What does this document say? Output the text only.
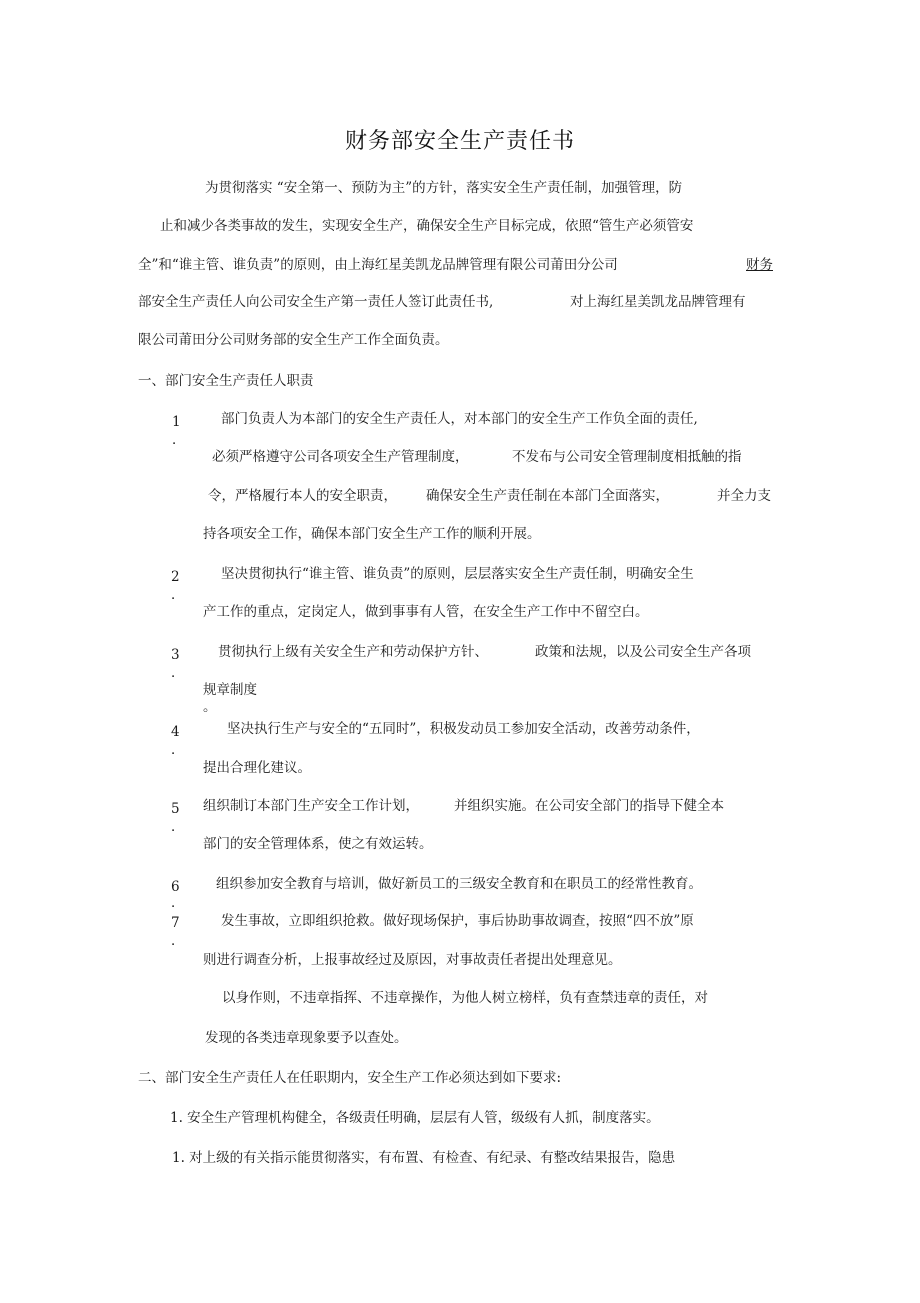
财务部安全生产责任书
为贯彻落实 “安全第一、预防为主”的方针，落实安全生产责任制，加强管理，防
止和减少各类事故的发生，实现安全生产，确保安全生产目标完成，依照“管生产必须管安
全”和“谁主管、谁负责”的原则，由上海红星美凯龙品牌管理有限公司莆田分公司	财务
部安全生产责任人向公司安全生产第一责任人签订此责任书,	对上海红星美凯龙品牌管理有
限公司莆田分公司财务部的安全生产工作全面负责。
一、部门安全生产责任人职责
1
．
部门负责人为本部门的安全生产责任人，对本部门的安全生产工作负全面的责任,
必须严格遵守公司各项安全生产管理制度，	不发布与公司安全管理制度相抵触的指
令，严格履行本人的安全职责， 确保安全生产责任制在本部门全面落实，	并全力支
持各项安全工作，确保本部门安全生产工作的顺利开展。
2
．
坚决贯彻执行“谁主管、谁负责”的原则，层层落实安全生产责任制，明确安全生
产工作的重点，定岗定人，做到事事有人管，在安全生产工作中不留空白。
3
．
贯彻执行上级有关安全生产和劳动保护方针、	政策和法规，以及公司安全生产各项
规章制度
。
4
．
坚决执行生产与安全的“五同时”，积极发动员工参加安全活动，改善劳动条件，
提出合理化建议。
5
．
组织制订本部门生产安全工作计划，	并组织实施。在公司安全部门的指导下健全本
部门的安全管理体系，使之有效运转。
6
．
组织参加安全教育与培训，做好新员工的三级安全教育和在职员工的经常性教育。
7
．
发生事故，立即组织抢救。做好现场保护，事后协助事故调查，按照“四不放”原
则进行调查分析，上报事故经过及原因，对事故责任者提出处理意见。
以身作则，不违章指挥、不违章操作，为他人树立榜样，负有查禁违章的责任，对
发现的各类违章现象要予以查处。
二、部门安全生产责任人在任职期内，安全生产工作必须达到如下要求:
1. 安全生产管理机构健全，各级责任明确，层层有人管，级级有人抓，制度落实。
1. 对上级的有关指示能贯彻落实，有布置、有检查、有纪录、有整改结果报告，隐患
